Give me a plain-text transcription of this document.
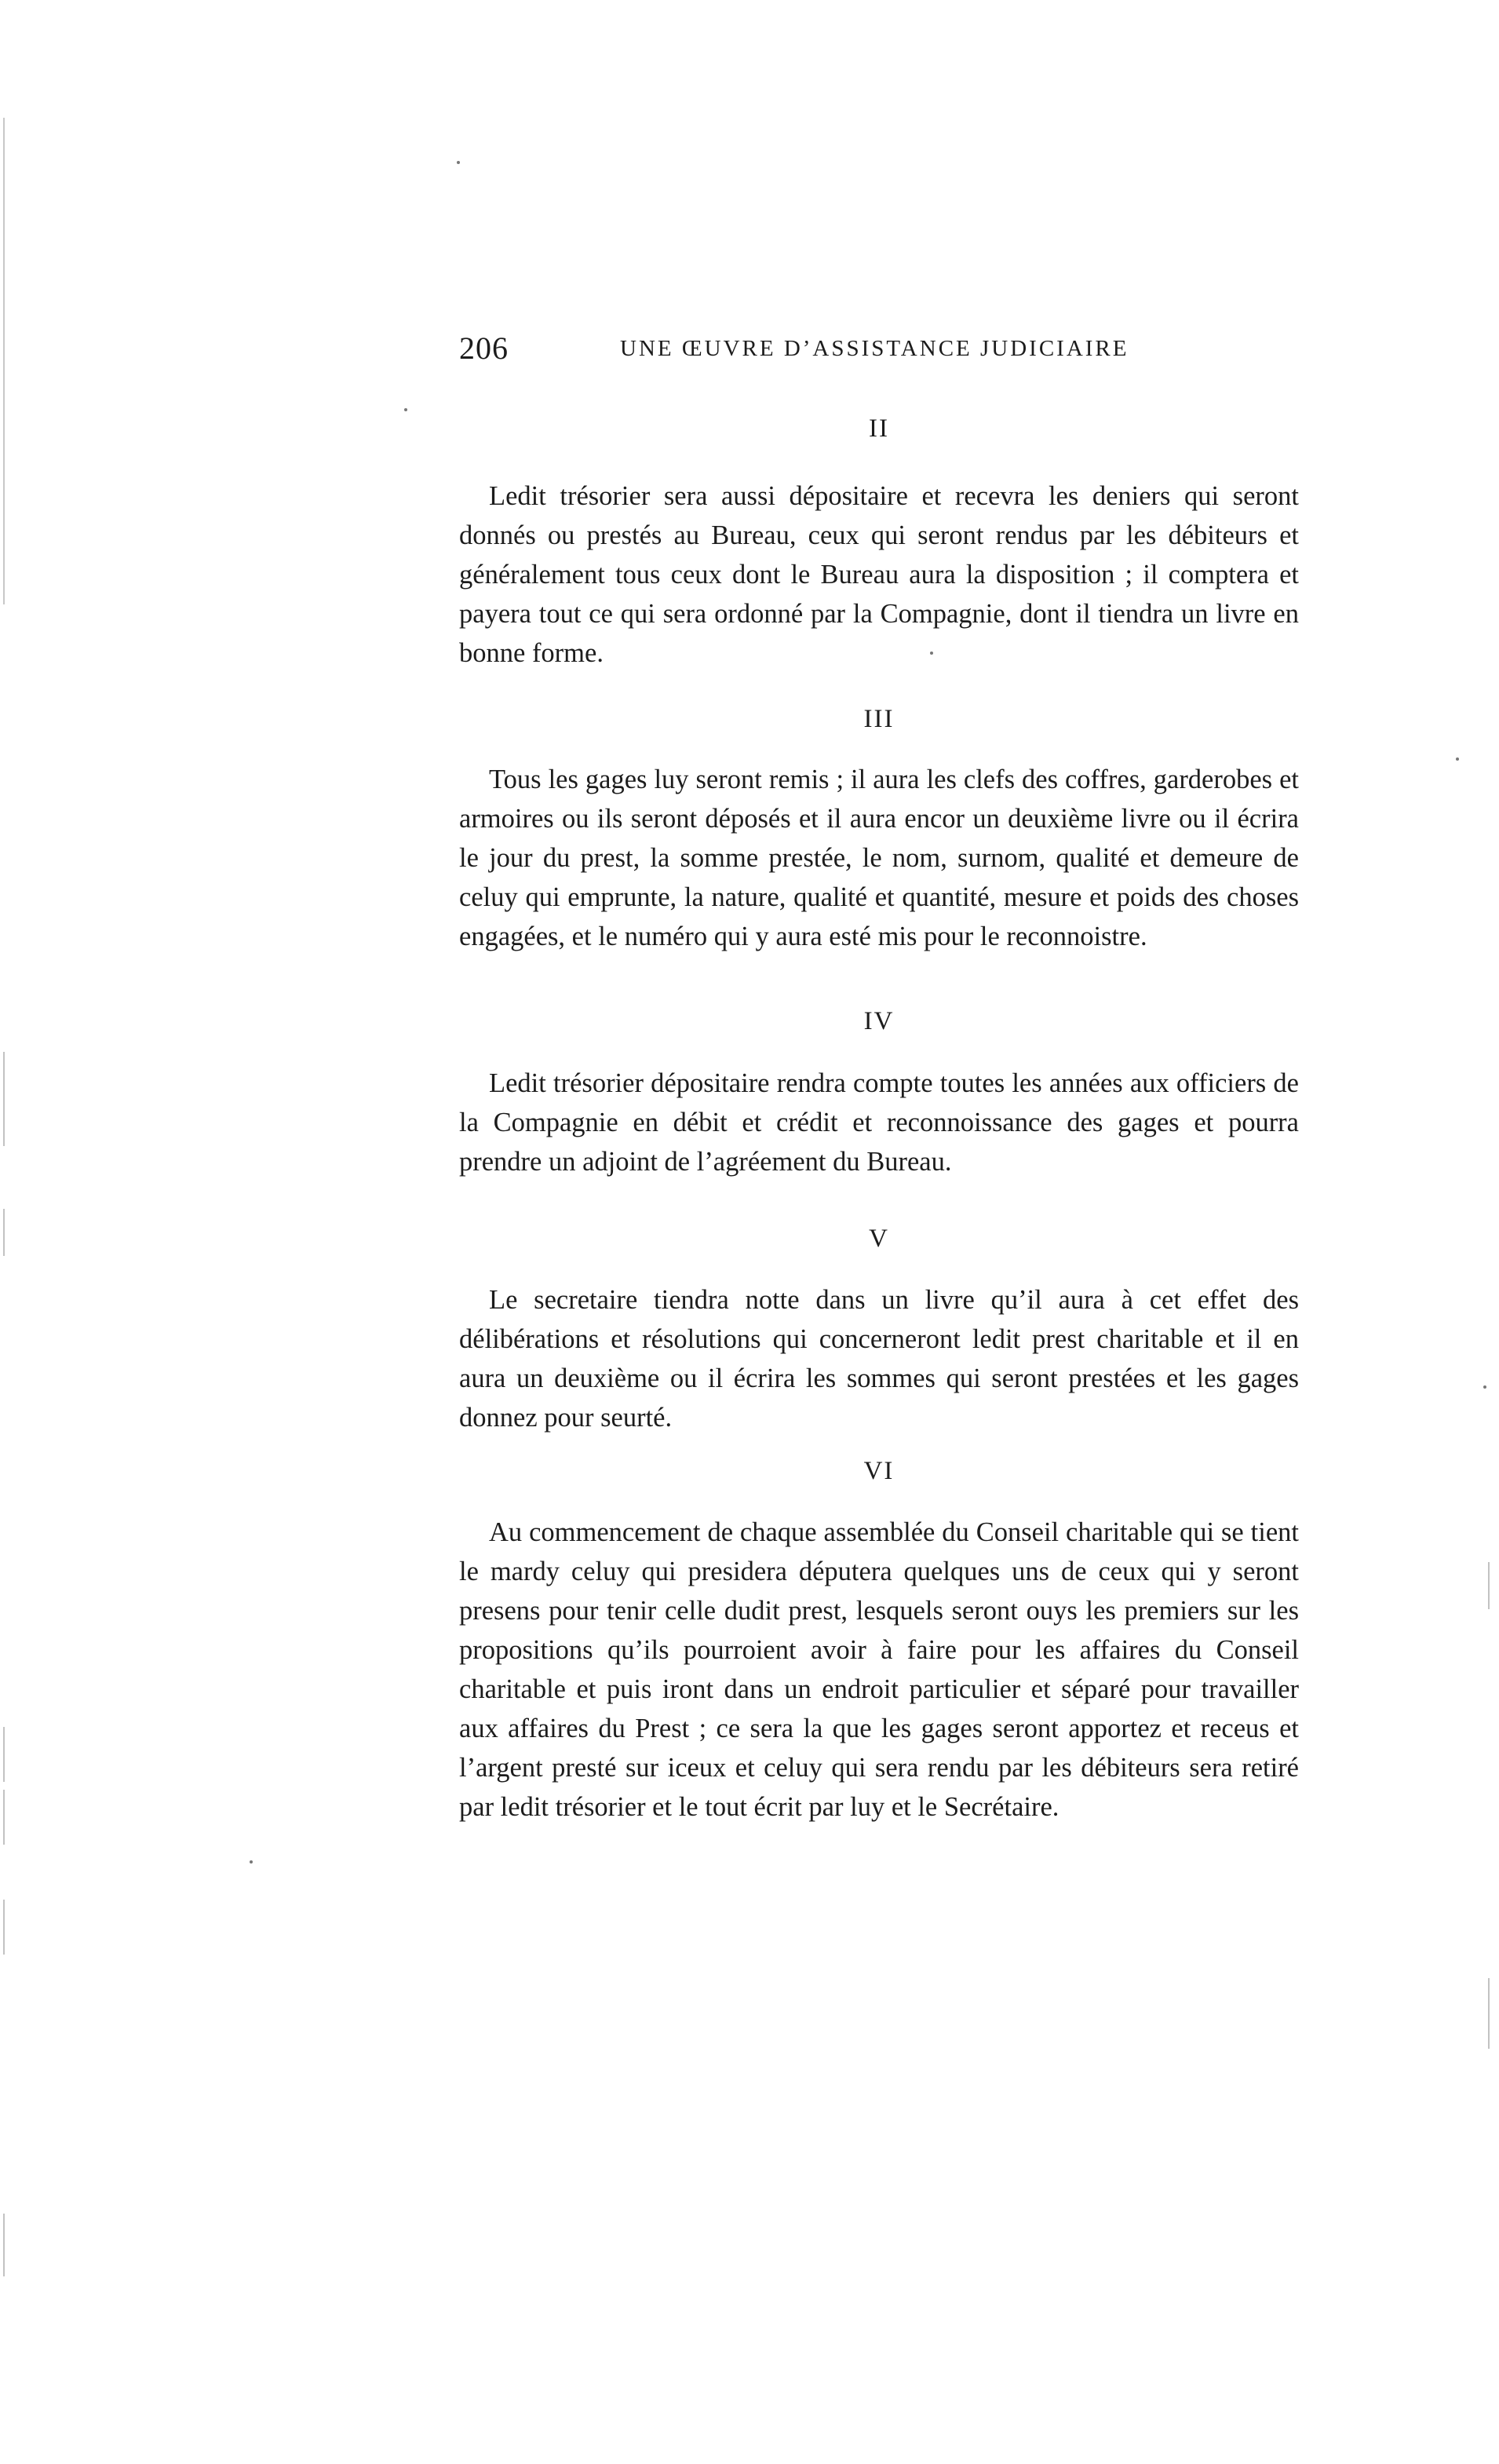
206	UNE ŒUVRE D’ASSISTANCE JUDICIAIRE
II

Ledit trésorier sera aussi dépositaire et recevra les deniers qui seront donnés ou prestés au Bureau, ceux qui seront rendus par les débiteurs et généralement tous ceux dont le Bureau aura la disposition ; il comptera et payera tout ce qui sera ordonné par la Compagnie, dont il tiendra un livre en bonne forme.

III

Tous les gages luy seront remis ; il aura les clefs des coffres, garderobes et armoires ou ils seront déposés et il aura encor un deuxième livre ou il écrira le jour du prest, la somme prestée, le nom, surnom, qualité et demeure de celuy qui emprunte, la nature, qualité et quantité, mesure et poids des choses engagées, et le numéro qui y aura esté mis pour le reconnoistre.

IV

Ledit trésorier dépositaire rendra compte toutes les années aux officiers de la Compagnie en débit et crédit et reconnoissance des gages et pourra prendre un adjoint de l’agréement du Bureau.

V

Le secretaire tiendra notte dans un livre qu’il aura à cet effet des délibérations et résolutions qui concerneront ledit prest charitable et il en aura un deuxième ou il écrira les sommes qui seront prestées et les gages donnez pour seurté.

VI

Au commencement de chaque assemblée du Conseil charitable qui se tient le mardy celuy qui presidera députera quelques uns de ceux qui y seront presens pour tenir celle dudit prest, lesquels seront ouys les premiers sur les propositions qu’ils pourroient avoir à faire pour les affaires du Conseil charitable et puis iront dans un endroit particulier et séparé pour travailler aux affaires du Prest ; ce sera la que les gages seront apportez et receus et l’argent presté sur iceux et celuy qui sera rendu par les débiteurs sera retiré par ledit trésorier et le tout écrit par luy et le Secrétaire.
